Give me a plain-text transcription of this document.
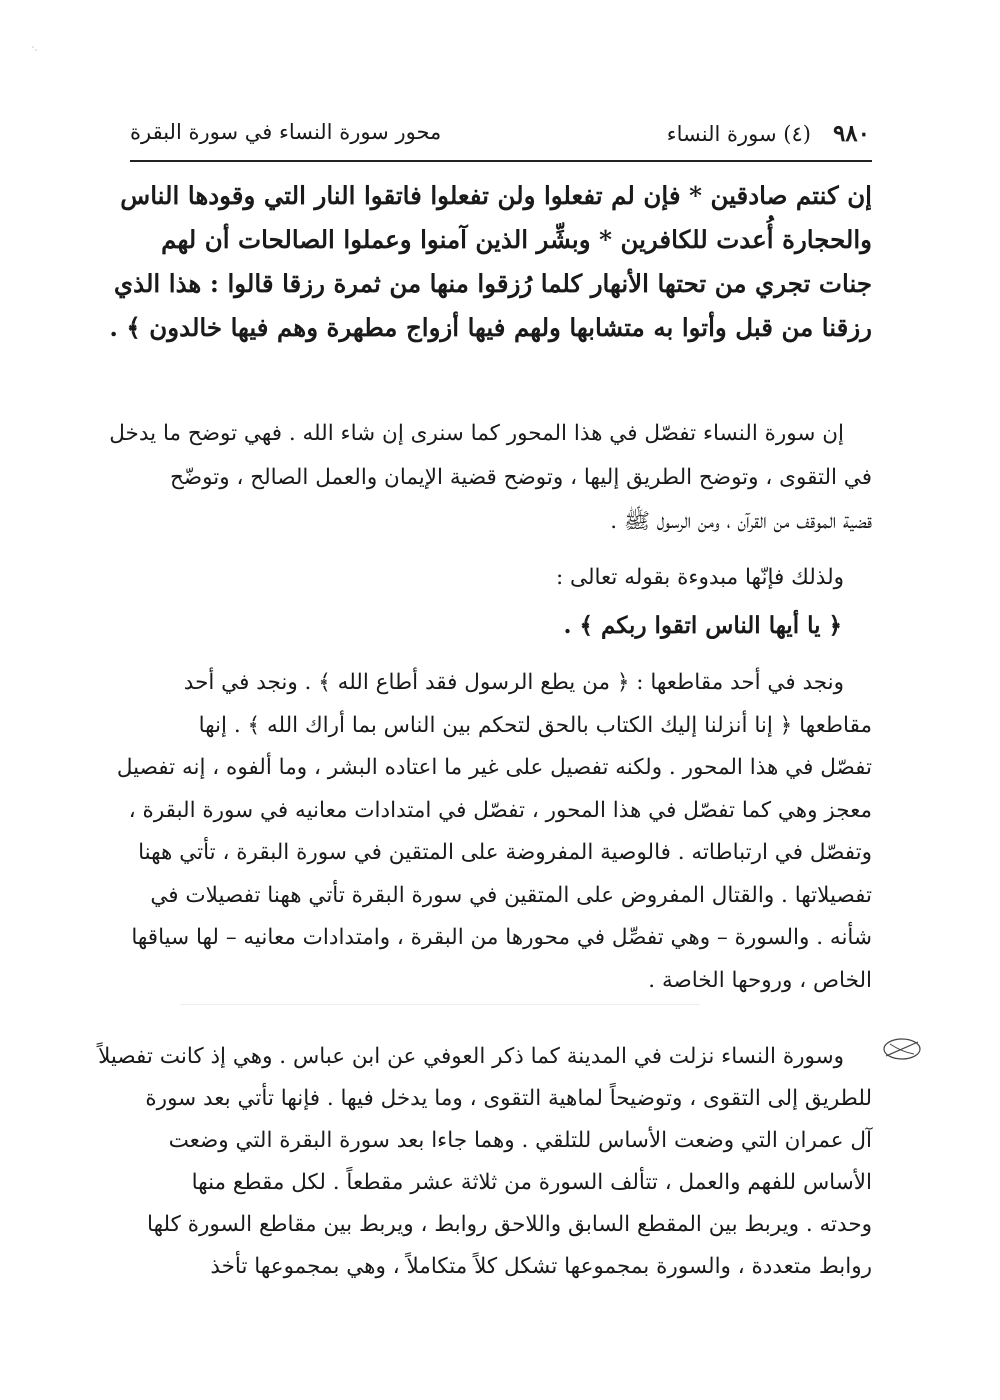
٩٨٠
(٤) سورة النساء
محور سورة النساء في سورة البقرة
إن كنتم صادقين * فإن لم تفعلوا ولن تفعلوا فاتقوا النار التي وقودها الناس
والحجارة أُعدت للكافرين * وبشِّر الذين آمنوا وعملوا الصالحات أن لهم
جنات تجري من تحتها الأنهار كلما رُزقوا منها من ثمرة رزقا قالوا : هذا الذي
رزقنا من قبل وأتوا به متشابها ولهم فيها أزواج مطهرة وهم فيها خالدون ﴾ .
إن سورة النساء تفصّل في هذا المحور كما سنرى إن شاء الله . فهي توضح ما يدخل
في التقوى ، وتوضح الطريق إليها ، وتوضح قضية الإيمان والعمل الصالح ، وتوضّح
قضية الموقف من القرآن ، ومن الرسول ﷺ .
ولذلك فإنّها مبدوءة بقوله تعالى :
﴿ يا أيها الناس اتقوا ربكم ﴾ .
ونجد في أحد مقاطعها : ﴿ من يطع الرسول فقد أطاع الله ﴾ . ونجد في أحد
مقاطعها ﴿ إنا أنزلنا إليك الكتاب بالحق لتحكم بين الناس بما أراك الله ﴾ . إنها
تفصّل في هذا المحور . ولكنه تفصيل على غير ما اعتاده البشر ، وما ألفوه ، إنه تفصيل
معجز وهي كما تفصّل في هذا المحور ، تفصّل في امتدادات معانيه في سورة البقرة ،
وتفصّل في ارتباطاته . فالوصية المفروضة على المتقين في سورة البقرة ، تأتي ههنا
تفصيلاتها . والقتال المفروض على المتقين في سورة البقرة تأتي ههنا تفصيلات في
شأنه . والسورة – وهي تفصِّل في محورها من البقرة ، وامتدادات معانيه – لها سياقها
الخاص ، وروحها الخاصة .
وسورة النساء نزلت في المدينة كما ذكر العوفي عن ابن عباس . وهي إذ كانت تفصيلاً
للطريق إلى التقوى ، وتوضيحاً لماهية التقوى ، وما يدخل فيها . فإنها تأتي بعد سورة
آل عمران التي وضعت الأساس للتلقي . وهما جاءا بعد سورة البقرة التي وضعت
الأساس للفهم والعمل ، تتألف السورة من ثلاثة عشر مقطعاً . لكل مقطع منها
وحدته . ويربط بين المقطع السابق واللاحق روابط ، ويربط بين مقاطع السورة كلها
روابط متعددة ، والسورة بمجموعها تشكل كلاً متكاملاً ، وهي بمجموعها تأخذ
